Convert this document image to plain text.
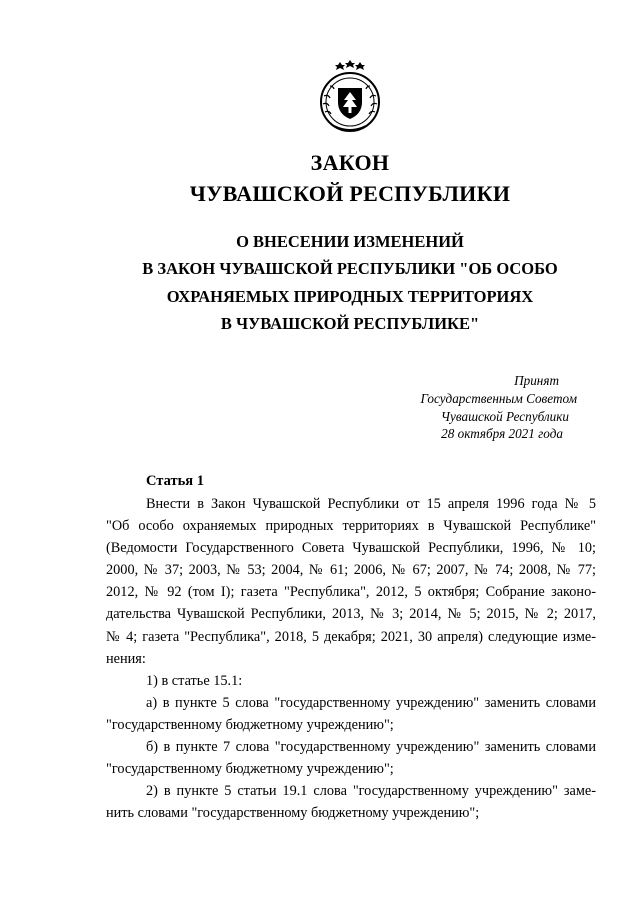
ЗАКОН
ЧУВАШСКОЙ РЕСПУБЛИКИ
О ВНЕСЕНИИ ИЗМЕНЕНИЙ
В ЗАКОН ЧУВАШСКОЙ РЕСПУБЛИКИ "ОБ ОСОБО
ОХРАНЯЕМЫХ ПРИРОДНЫХ ТЕРРИТОРИЯХ
В ЧУВАШСКОЙ РЕСПУБЛИКЕ"
Принят
Государственным Советом
Чувашской Республики
28 октября 2021 года
Статья 1
Внести в Закон Чувашской Республики от 15 апреля 1996 года № 5
"Об особо охраняемых природных территориях в Чувашской Республике"
(Ведомости Государственного Совета Чувашской Республики, 1996, № 10;
2000, № 37; 2003, № 53; 2004, № 61; 2006, № 67; 2007, № 74; 2008, № 77;
2012, № 92 (том I); газета "Республика", 2012, 5 октября; Собрание законо-
дательства Чувашской Республики, 2013, № 3; 2014, № 5; 2015, № 2; 2017,
№ 4; газета "Республика", 2018, 5 декабря; 2021, 30 апреля) следующие изме-
нения:
1) в статье 15.1:
а) в пункте 5 слова "государственному учреждению" заменить словами
"государственному бюджетному учреждению";
б) в пункте 7 слова "государственному учреждению" заменить словами
"государственному бюджетному учреждению";
2) в пункте 5 статьи 19.1 слова "государственному учреждению" заме-
нить словами "государственному бюджетному учреждению";
